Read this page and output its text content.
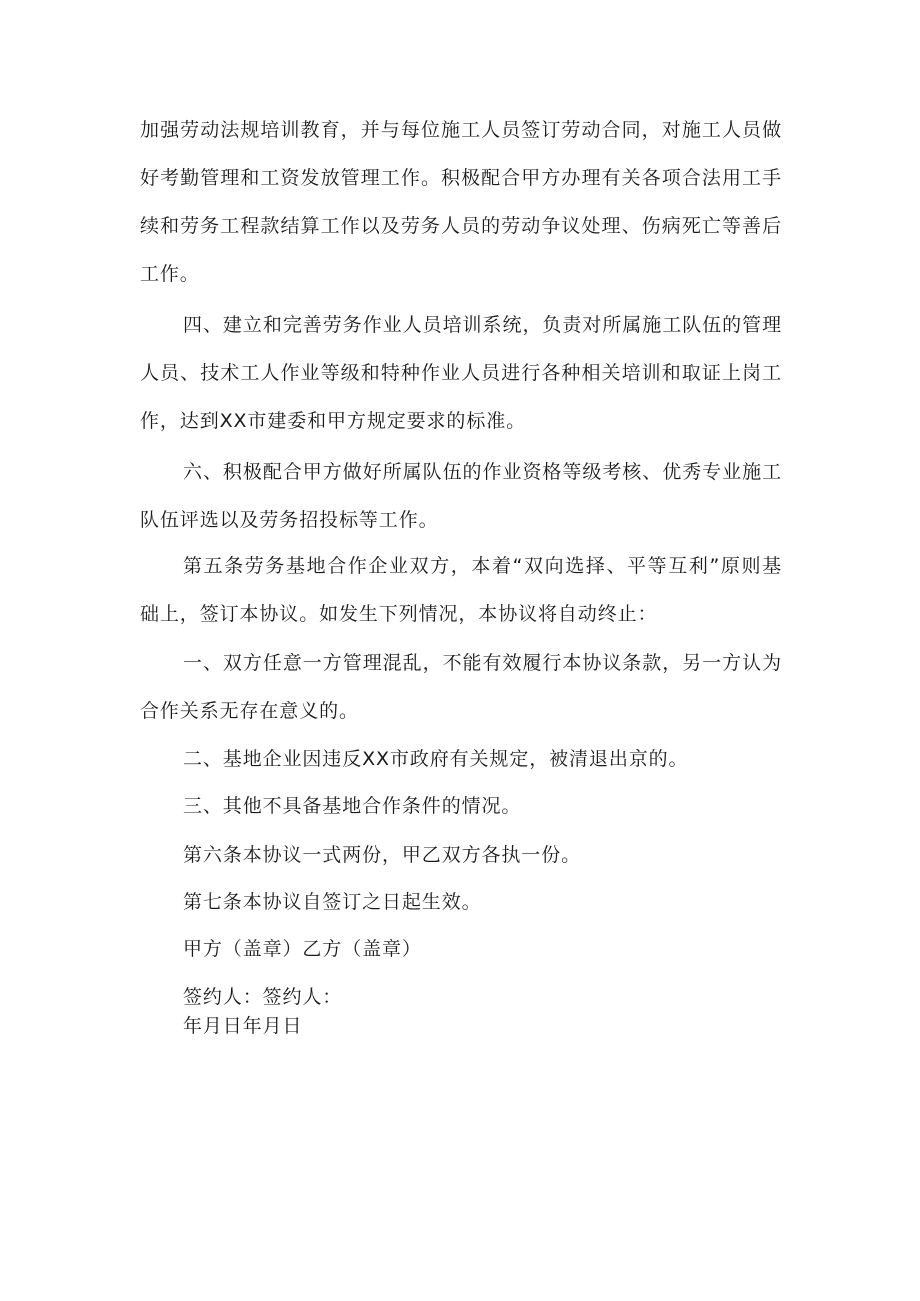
加强劳动法规培训教育，并与每位施工人员签订劳动合同，对施工人员做
好考勤管理和工资发放管理工作。积极配合甲方办理有关各项合法用工手
续和劳务工程款结算工作以及劳务人员的劳动争议处理、伤病死亡等善后
工作。
四、建立和完善劳务作业人员培训系统，负责对所属施工队伍的管理
人员、技术工人作业等级和特种作业人员进行各种相关培训和取证上岗工
作，达到XX市建委和甲方规定要求的标准。
六、积极配合甲方做好所属队伍的作业资格等级考核、优秀专业施工
队伍评选以及劳务招投标等工作。
第五条劳务基地合作企业双方，本着“双向选择、平等互利”原则基
础上，签订本协议。如发生下列情况，本协议将自动终止：
一、双方任意一方管理混乱，不能有效履行本协议条款，另一方认为
合作关系无存在意义的。
二、基地企业因违反XX市政府有关规定，被清退出京的。
三、其他不具备基地合作条件的情况。
第六条本协议一式两份，甲乙双方各执一份。
第七条本协议自签订之日起生效。
甲方（盖章）乙方（盖章）
签约人：签约人：
年月日年月日
